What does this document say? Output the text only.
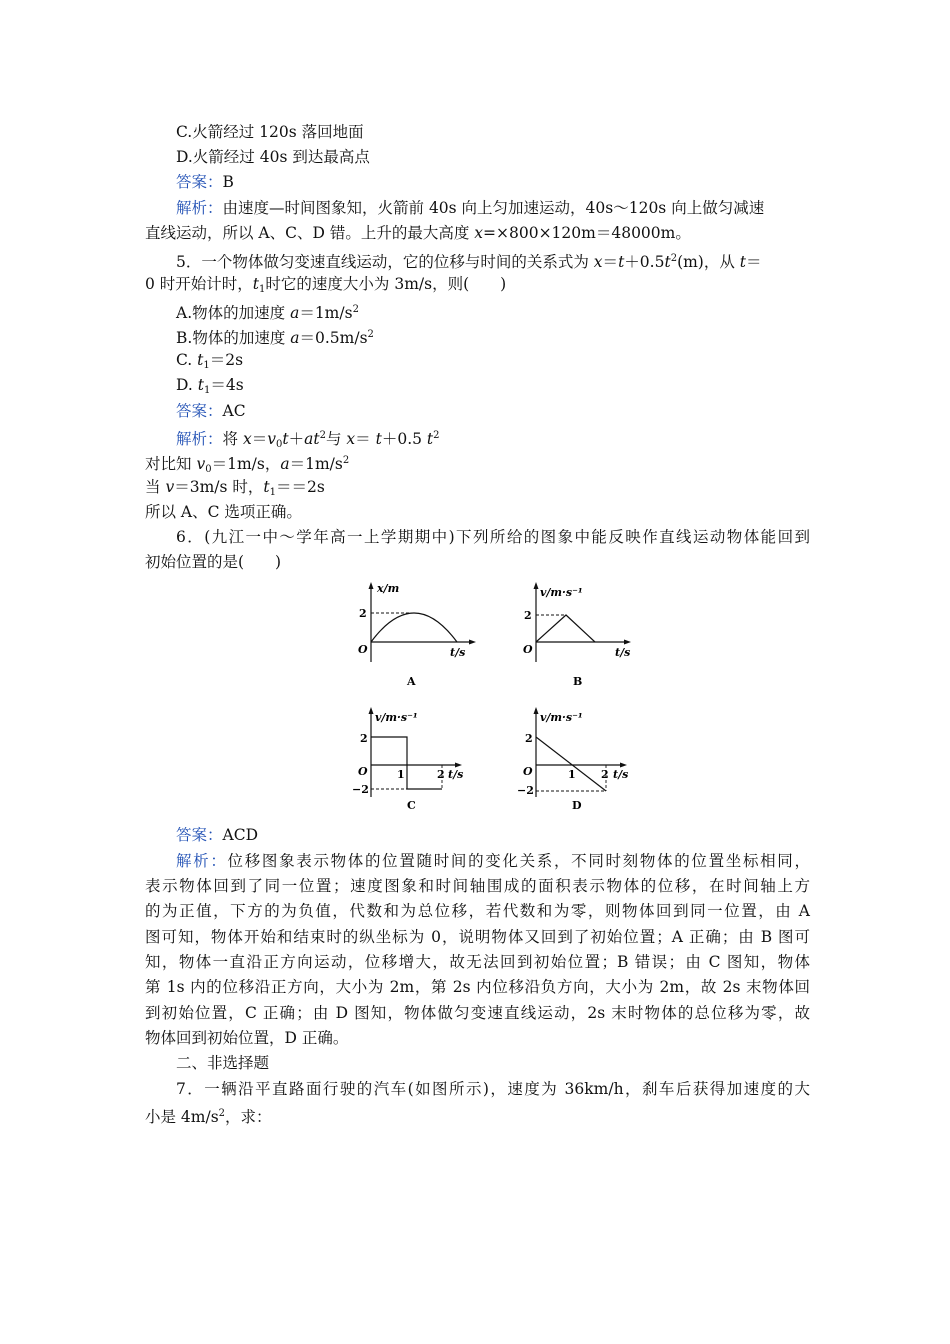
C.火箭经过 120s 落回地面
D.火箭经过 40s 到达最高点
答案：B
解析：由速度—时间图象知，火箭前 40s 向上匀加速运动，40s～120s 向上做匀减速
直线运动，所以 A、C、D 错。上升的最大高度 x=×800×120m＝48000m。
5．一个物体做匀变速直线运动，它的位移与时间的关系式为 $x=t+0.5t^2(m)$，从 t＝
0 时开始计时，$t_1$时它的速度大小为 3m/s，则(　　)
A.物体的加速度 $a=1m/s^2$
B.物体的加速度 $a=0.5m/s^2$
C. $t_1=2s$
D. $t_1=4s$
答案：AC
解析：将 $x=v_0t+at^2$与 x＝ t＋0.5 $t^2$
对比知 $v_0=1m/s$，$a=1m/s^2$
当 v＝3m/s 时，$t_1==2s$
所以 A、C 选项正确。
6．(九江一中～学年高一上学期期中)下列所给的图象中能反映作直线运动物体能回到
初始位置的是(　　)
x/m
2
O	t/s
A
v/m·s⁻¹
2
O	t/s
B
v/m·s⁻¹
2
O
−2
1	2 t/s
C
v/m·s⁻¹
2
O
−2
1 2 t/s
D
答案：ACD
解析：位移图象表示物体的位置随时间的变化关系，不同时刻物体的位置坐标相同，
表示物体回到了同一位置；速度图象和时间轴围成的面积表示物体的位移，在时间轴上方
的为正值，下方的为负值，代数和为总位移，若代数和为零，则物体回到同一位置，由 A
图可知，物体开始和结束时的纵坐标为 0，说明物体又回到了初始位置；A 正确；由 B 图可
知，物体一直沿正方向运动，位移增大，故无法回到初始位置；B 错误；由 C 图知，物体
第 1s 内的位移沿正方向，大小为 2m，第 2s 内位移沿负方向，大小为 2m，故 2s 末物体回
到初始位置，C 正确；由 D 图知，物体做匀变速直线运动，2s 末时物体的总位移为零，故
物体回到初始位置，D 正确。
二、非选择题
7．一辆沿平直路面行驶的汽车(如图所示)，速度为 36km/h，刹车后获得加速度的大
小是 $4m/s^2$，求：
